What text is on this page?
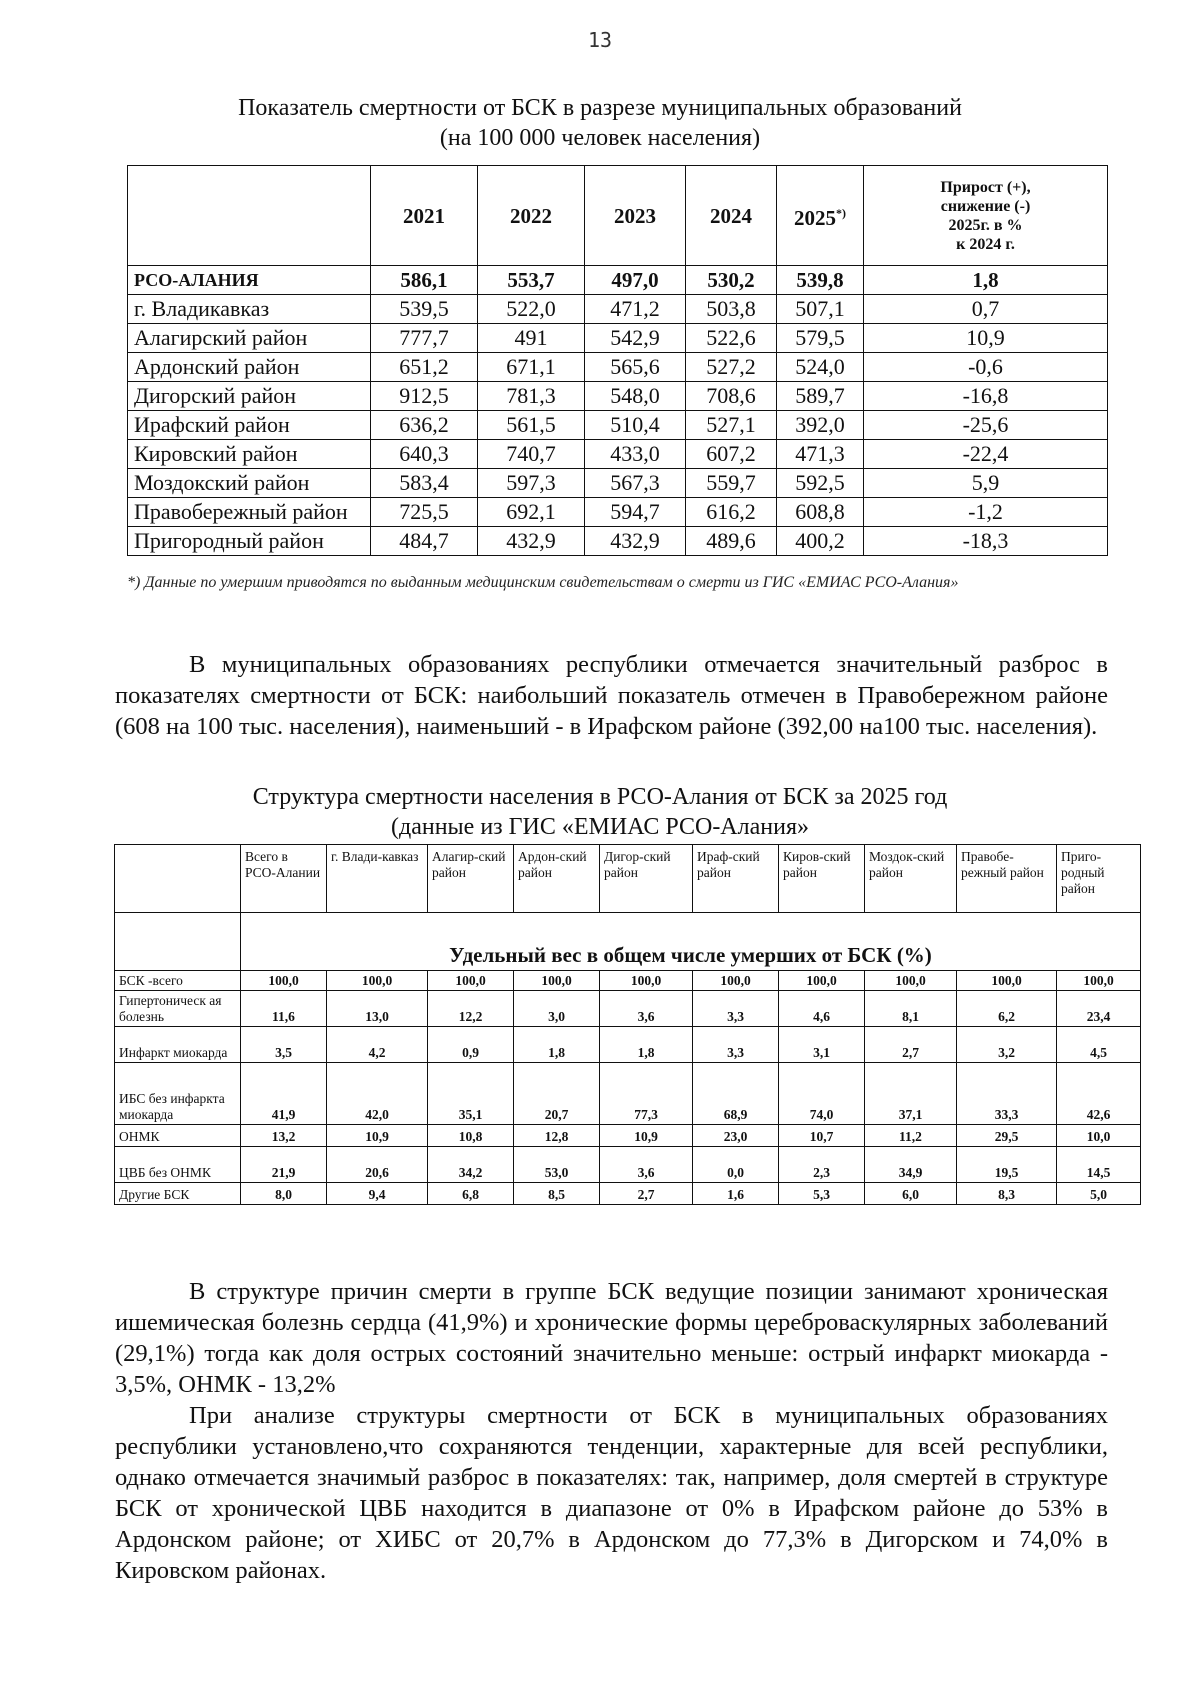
13
Показатель смертности от БСК в разрезе муниципальных образований
(на 100 000 человек населения)
	2021	2022	2023	2024	2025*)	Прирост (+),
снижение (-)
2025г. в %
к 2024 г.

РСО-АЛАНИЯ	586,1	553,7	497,0	530,2	539,8	1,8
г. Владикавказ	539,5	522,0	471,2	503,8	507,1	0,7
Алагирский район	777,7	491	542,9	522,6	579,5	10,9
Ардонский район	651,2	671,1	565,6	527,2	524,0	-0,6
Дигорский район	912,5	781,3	548,0	708,6	589,7	-16,8
Ирафский район	636,2	561,5	510,4	527,1	392,0	-25,6
Кировский район	640,3	740,7	433,0	607,2	471,3	-22,4
Моздокский район	583,4	597,3	567,3	559,7	592,5	5,9
Правобережный район	725,5	692,1	594,7	616,2	608,8	-1,2
Пригородный район	484,7	432,9	432,9	489,6	400,2	-18,3
*) Данные по умершим приводятся по выданным медицинским свидетельствам о смерти из ГИС «ЕМИАС РСО-Алания»

В муниципальных образованиях республики отмечается значительный разброс в показателях смертности от БСК: наибольший показатель отмечен в Правобережном районе (608 на 100 тыс. населения), наименьший - в Ирафском районе (392,00 на100 тыс. населения).

Структура смертности населения в РСО-Алания от БСК за 2025 год
(данные из ГИС «ЕМИАС РСО-Алания»
	Всего в РСО-Алании	г. Влади-кавказ	Алагир-ский район	Ардон-ский район	Дигор-ский район	Ираф-ский район	Киров-ский район	Моздок-ский район	Правобе-режный район	Приго-родный район
	Удельный вес в общем числе умерших от БСК (%)									
БСК -всего	100,0	100,0	100,0	100,0	100,0	100,0	100,0	100,0	100,0	100,0
Гипертоническ ая болезнь	11,6	13,0	12,2	3,0	3,6	3,3	4,6	8,1	6,2	23,4
Инфаркт миокарда	3,5	4,2	0,9	1,8	1,8	3,3	3,1	2,7	3,2	4,5
ИБС без инфаркта миокарда	41,9	42,0	35,1	20,7	77,3	68,9	74,0	37,1	33,3	42,6
ОНМК	13,2	10,9	10,8	12,8	10,9	23,0	10,7	11,2	29,5	10,0
ЦВБ без ОНМК	21,9	20,6	34,2	53,0	3,6	0,0	2,3	34,9	19,5	14,5
Другие БСК	8,0	9,4	6,8	8,5	2,7	1,6	5,3	6,0	8,3	5,0

В структуре причин смерти в группе БСК ведущие позиции занимают хроническая ишемическая болезнь сердца (41,9%) и хронические формы цереброваскулярных заболеваний (29,1%) тогда как доля острых состояний значительно меньше: острый инфаркт миокарда - 3,5%, ОНМК - 13,2%

При анализе структуры смертности от БСК в муниципальных образованиях республики установлено,что сохраняются тенденции, характерные для всей республики, однако отмечается значимый разброс в показателях: так, например, доля смертей в структуре БСК от хронической ЦВБ находится в диапазоне от 0% в Ирафском районе до 53% в Ардонском районе; от ХИБС от 20,7% в Ардонском до 77,3% в Дигорском и 74,0% в Кировском районах.
